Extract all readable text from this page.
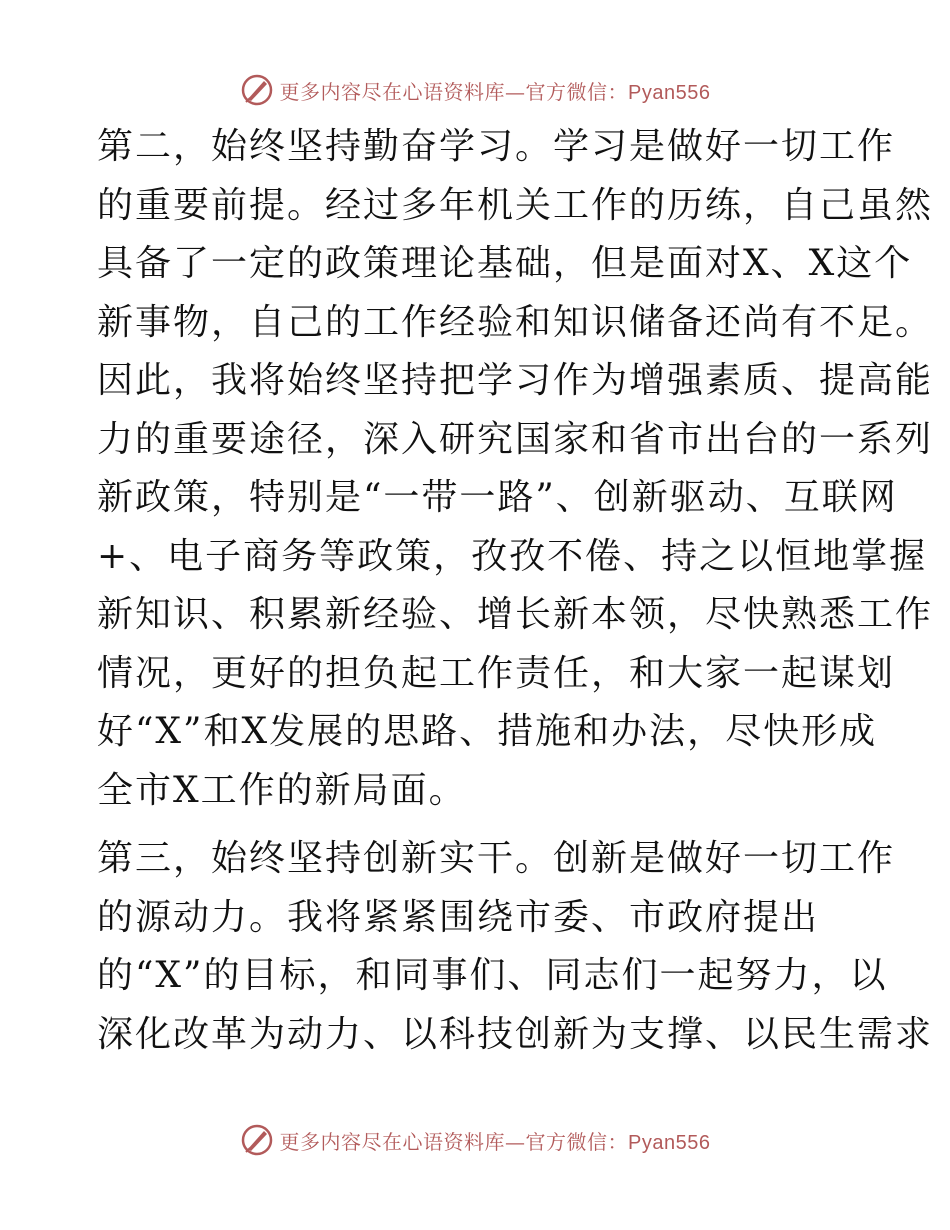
更多内容尽在心语资料库—官方微信：Pyan556
第二，始终坚持勤奋学习。学习是做好一切工作
的重要前提。经过多年机关工作的历练，自己虽然
具备了一定的政策理论基础，但是面对X、X这个
新事物，自己的工作经验和知识储备还尚有不足。
因此，我将始终坚持把学习作为增强素质、提高能
力的重要途径，深入研究国家和省市出台的一系列
新政策，特别是“一带一路”、创新驱动、互联网
+、电子商务等政策，孜孜不倦、持之以恒地掌握
新知识、积累新经验、增长新本领，尽快熟悉工作
情况，更好的担负起工作责任，和大家一起谋划
好“X”和X发展的思路、措施和办法，尽快形成
全市X工作的新局面。
第三，始终坚持创新实干。创新是做好一切工作
的源动力。我将紧紧围绕市委、市政府提出
的“X”的目标，和同事们、同志们一起努力，以
深化改革为动力、以科技创新为支撑、以民生需求
更多内容尽在心语资料库—官方微信：Pyan556
